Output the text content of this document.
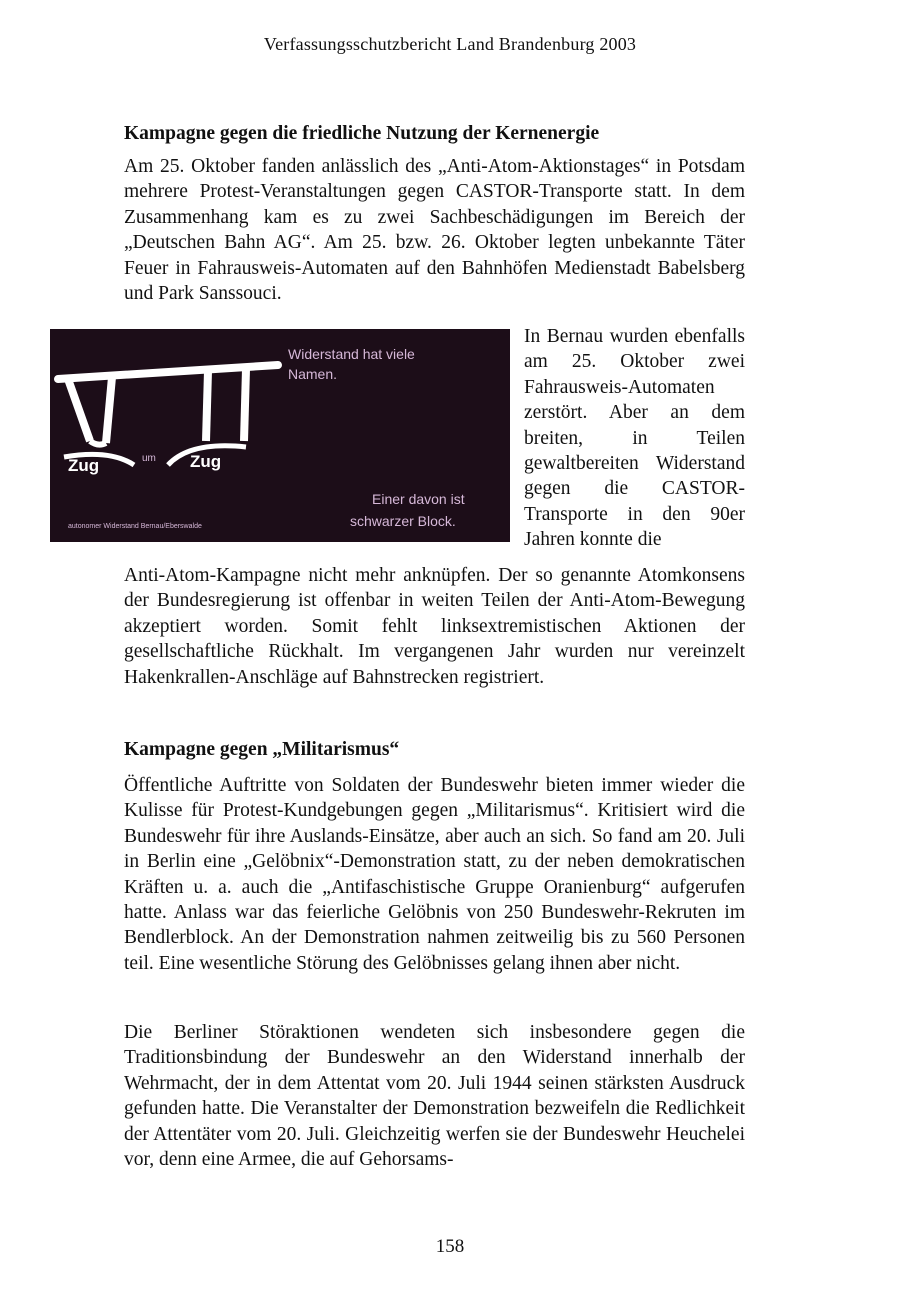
Verfassungsschutzbericht Land Brandenburg 2003
Kampagne gegen die friedliche Nutzung der Kernenergie

Am 25. Oktober fanden anlässlich des „Anti-Atom-Aktionstages“ in Potsdam mehrere Protest-Veranstaltungen gegen CASTOR-Transporte statt. In dem Zusammenhang kam es zu zwei Sachbeschädigungen im Bereich der „Deutschen Bahn AG“. Am 25. bzw. 26. Oktober legten unbekannte Täter Feuer in Fahrausweis-Automaten auf den Bahnhöfen Medienstadt Babelsberg und Park Sanssouci.

Widerstand hat viele
Namen.
Zug	um Zug
Einer davon ist
schwarzer Block.
autonomer Widerstand Bernau/Eberswalde

In Bernau wurden ebenfalls am 25. Oktober zwei Fahrausweis-Automaten zerstört. Aber an dem breiten, in Teilen gewaltbereiten Widerstand gegen die CASTOR-Transporte in den 90er Jahren konnte die

Anti-Atom-Kampagne nicht mehr anknüpfen. Der so genannte Atomkonsens der Bundesregierung ist offenbar in weiten Teilen der Anti-Atom-Bewegung akzeptiert worden. Somit fehlt linksextremistischen Aktionen der gesellschaftliche Rückhalt. Im vergangenen Jahr wurden nur vereinzelt Hakenkrallen-Anschläge auf Bahnstrecken registriert.

Kampagne gegen „Militarismus“

Öffentliche Auftritte von Soldaten der Bundeswehr bieten immer wieder die Kulisse für Protest-Kundgebungen gegen „Militarismus“. Kritisiert wird die Bundeswehr für ihre Auslands-Einsätze, aber auch an sich. So fand am 20. Juli in Berlin eine „Gelöbnix“-Demonstration statt, zu der neben demokratischen Kräften u. a. auch die „Antifaschistische Gruppe Oranienburg“ aufgerufen hatte. Anlass war das feierliche Gelöbnis von 250 Bundeswehr-Rekruten im Bendlerblock. An der Demonstration nahmen zeitweilig bis zu 560 Personen teil. Eine wesentliche Störung des Gelöbnisses gelang ihnen aber nicht.

Die Berliner Störaktionen wendeten sich insbesondere gegen die Traditionsbindung der Bundeswehr an den Widerstand innerhalb der Wehrmacht, der in dem Attentat vom 20. Juli 1944 seinen stärksten Ausdruck gefunden hatte. Die Veranstalter der Demonstration bezweifeln die Redlichkeit der Attentäter vom 20. Juli. Gleichzeitig werfen sie der Bundeswehr Heuchelei vor, denn eine Armee, die auf Gehorsams-

158
